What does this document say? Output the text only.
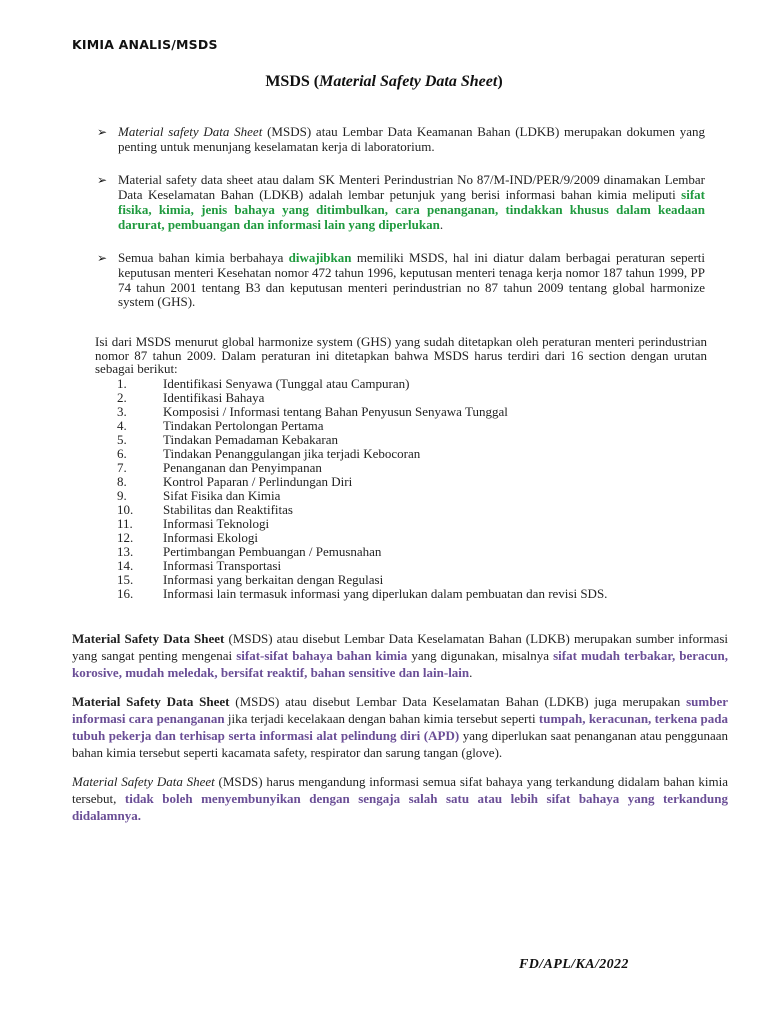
KIMIA ANALIS/MSDS
MSDS (Material Safety Data Sheet)
➢ Material safety Data Sheet (MSDS) atau Lembar Data Keamanan Bahan (LDKB) merupakan dokumen yang penting untuk menunjang keselamatan kerja di laboratorium.
➢ Material safety data sheet atau dalam SK Menteri Perindustrian No 87/M-IND/PER/9/2009 dinamakan Lembar Data Keselamatan Bahan (LDKB) adalah lembar petunjuk yang berisi informasi bahan kimia meliputi sifat fisika, kimia, jenis bahaya yang ditimbulkan, cara penanganan, tindakkan khusus dalam keadaan darurat, pembuangan dan informasi lain yang diperlukan.
➢ Semua bahan kimia berbahaya diwajibkan memiliki MSDS, hal ini diatur dalam berbagai peraturan seperti keputusan menteri Kesehatan nomor 472 tahun 1996, keputusan menteri tenaga kerja nomor 187 tahun 1999, PP 74 tahun 2001 tentang B3 dan keputusan menteri perindustrian no 87 tahun 2009 tentang global harmonize system (GHS).
Isi dari MSDS menurut global harmonize system (GHS) yang sudah ditetapkan oleh peraturan menteri perindustrian nomor 87 tahun 2009. Dalam peraturan ini ditetapkan bahwa MSDS harus terdiri dari 16 section dengan urutan sebagai berikut:
1.	Identifikasi Senyawa (Tunggal atau Campuran)
2.	Identifikasi Bahaya
3.	Komposisi / Informasi tentang Bahan Penyusun Senyawa Tunggal
4.	Tindakan Pertolongan Pertama
5.	Tindakan Pemadaman Kebakaran
6.	Tindakan Penanggulangan jika terjadi Kebocoran
7.	Penanganan dan Penyimpanan
8.	Kontrol Paparan / Perlindungan Diri
9.	Sifat Fisika dan Kimia
10.	Stabilitas dan Reaktifitas
11.	Informasi Teknologi
12.	Informasi Ekologi
13.	Pertimbangan Pembuangan / Pemusnahan
14.	Informasi Transportasi
15.	Informasi yang berkaitan dengan Regulasi
16.	Informasi lain termasuk informasi yang diperlukan dalam pembuatan dan revisi SDS.

Material Safety Data Sheet (MSDS) atau disebut Lembar Data Keselamatan Bahan (LDKB) merupakan sumber informasi yang sangat penting mengenai sifat-sifat bahaya bahan kimia yang digunakan, misalnya sifat mudah terbakar, beracun, korosive, mudah meledak, bersifat reaktif, bahan sensitive dan lain-lain.

Material Safety Data Sheet (MSDS) atau disebut Lembar Data Keselamatan Bahan (LDKB) juga merupakan sumber informasi cara penanganan jika terjadi kecelakaan dengan bahan kimia tersebut seperti tumpah, keracunan, terkena pada tubuh pekerja dan terhisap serta informasi alat pelindung diri (APD) yang diperlukan saat penanganan atau penggunaan bahan kimia tersebut seperti kacamata safety, respirator dan sarung tangan (glove).

Material Safety Data Sheet (MSDS) harus mengandung informasi semua sifat bahaya yang terkandung didalam bahan kimia tersebut, tidak boleh menyembunyikan dengan sengaja salah satu atau lebih sifat bahaya yang terkandung didalamnya.

FD/APL/KA/2022
